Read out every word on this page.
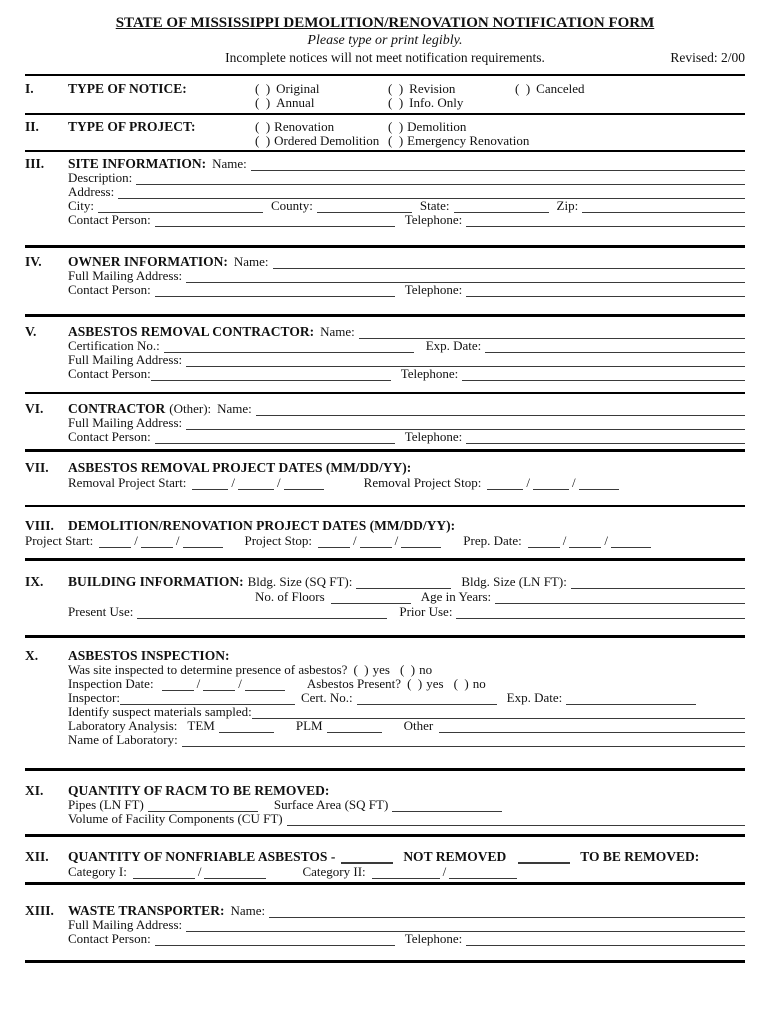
STATE OF MISSISSIPPI DEMOLITION/RENOVATION NOTIFICATION FORM
Please type or print legibly.
Incomplete notices will not meet notification requirements.	Revised: 2/00
I.	TYPE OF NOTICE:	(  ) Original	(  ) Revision	(  ) Canceled
(  ) Annual	(  ) Info. Only
II.	TYPE OF PROJECT:	(  ) Renovation	(  ) Demolition
(  ) Ordered Demolition (  ) Emergency Renovation
III.	SITE INFORMATION: Name:
Description:
Address:
City:	County:	State:	Zip:
Contact Person:	Telephone:
IV.	OWNER INFORMATION: Name:
Full Mailing Address:
Contact Person:	Telephone:
V.	ASBESTOS REMOVAL CONTRACTOR: Name:
Certification No.:	Exp. Date:
Full Mailing Address:
Contact Person:	Telephone:
VI.	CONTRACTOR (Other): Name:
Full Mailing Address:
Contact Person:	Telephone:
VII.	ASBESTOS REMOVAL PROJECT DATES (MM/DD/YY):
Removal Project Start:	/	/	Removal Project Stop:	/	/
VIII.	DEMOLITION/RENOVATION PROJECT DATES (MM/DD/YY):
Project Start:	/	/	Project Stop:	/	/	Prep. Date:	/	/
IX.	BUILDING INFORMATION: Bldg. Size (SQ FT):	Bldg. Size (LN FT):
No. of Floors	Age in Years:
Present Use:	Prior Use:
X.	ASBESTOS INSPECTION:
Was site inspected to determine presence of asbestos? (  ) yes (  ) no
Inspection Date:	/	/	Asbestos Present? (  ) yes (  ) no
Inspector:	Cert. No.:	Exp. Date:
Identify suspect materials sampled:
Laboratory Analysis: TEM	PLM	Other
Name of Laboratory:
XI.	QUANTITY OF RACM TO BE REMOVED:
Pipes (LN FT)	Surface Area (SQ FT)
Volume of Facility Components (CU FT)
XII.	QUANTITY OF NONFRIABLE ASBESTOS -	NOT REMOVED	TO BE REMOVED:
Category I:	/	Category II:	/
XIII.	WASTE TRANSPORTER: Name:
Full Mailing Address:
Contact Person:	Telephone:
